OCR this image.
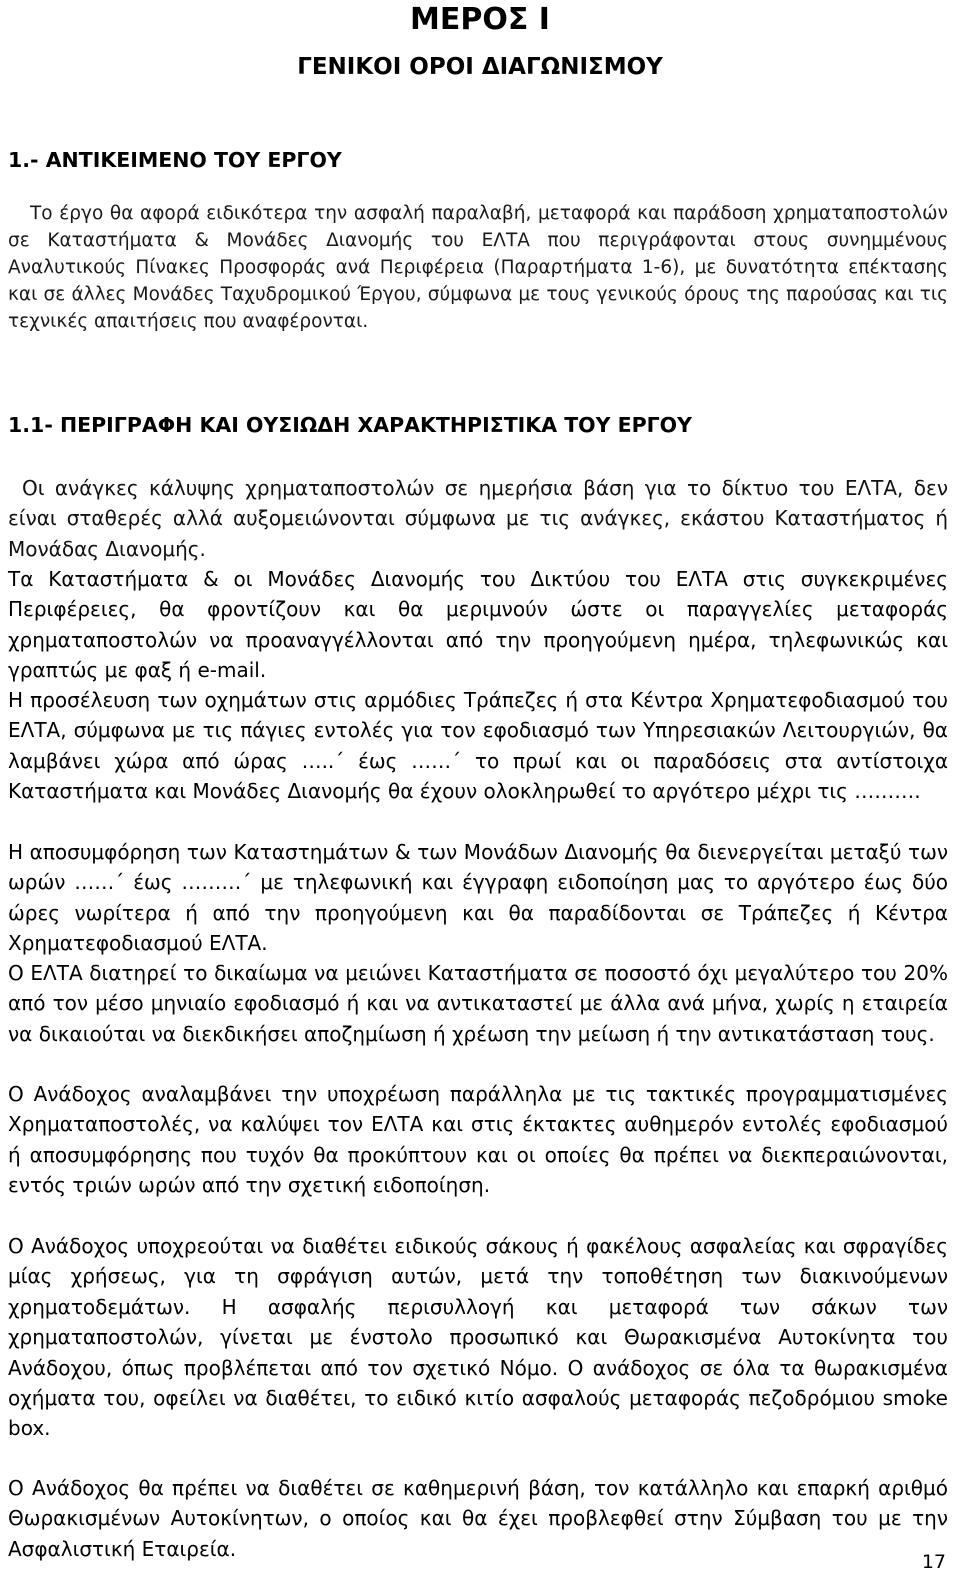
ΜΕΡΟΣ Ι
ΓΕΝΙΚΟΙ ΟΡΟΙ ΔΙΑΓΩΝΙΣΜΟΥ
1.- ΑΝΤΙΚΕΙΜΕΝΟ ΤΟΥ ΕΡΓΟΥ

Το έργο θα αφορά ειδικότερα την ασφαλή παραλαβή, μεταφορά και παράδοση χρηματαποστολών σε Καταστήματα & Μονάδες Διανομής του ΕΛΤΑ που περιγράφονται στους συνημμένους Αναλυτικούς Πίνακες Προσφοράς ανά Περιφέρεια (Παραρτήματα 1-6), με δυνατότητα επέκτασης και σε άλλες Μονάδες Ταχυδρομικού Έργου, σύμφωνα με τους γενικούς όρους της παρούσας και τις τεχνικές απαιτήσεις που αναφέρονται.

1.1- ΠΕΡΙΓΡΑΦΗ ΚΑΙ ΟΥΣΙΩΔΗ ΧΑΡΑΚΤΗΡΙΣΤΙΚΑ ΤΟΥ ΕΡΓΟΥ

Οι ανάγκες κάλυψης χρηματαποστολών σε ημερήσια βάση για το δίκτυο του ΕΛΤΑ, δεν είναι σταθερές αλλά αυξομειώνονται σύμφωνα με τις ανάγκες, εκάστου Καταστήματος ή Μονάδας Διανομής.

Τα Καταστήματα & οι Μονάδες Διανομής του Δικτύου του ΕΛΤΑ στις συγκεκριμένες Περιφέρειες, θα φροντίζουν και θα μεριμνούν ώστε οι παραγγελίες μεταφοράς χρηματαποστολών να προαναγγέλλονται από την προηγούμενη ημέρα, τηλεφωνικώς και γραπτώς με φαξ ή e-mail.

Η προσέλευση των οχημάτων στις αρμόδιες Τράπεζες ή στα Κέντρα Χρηματεφοδιασμού του ΕΛΤΑ, σύμφωνα με τις πάγιες εντολές για τον εφοδιασμό των Υπηρεσιακών Λειτουργιών, θα λαμβάνει χώρα από ώρας …..΄ έως ……΄ το πρωί και οι παραδόσεις στα αντίστοιχα Καταστήματα και Μονάδες Διανομής θα έχουν ολοκληρωθεί το αργότερο μέχρι τις ……….

Η αποσυμφόρηση των Καταστημάτων & των Μονάδων Διανομής θα διενεργείται μεταξύ των ωρών ……΄ έως ………΄ με τηλεφωνική και έγγραφη ειδοποίηση μας το αργότερο έως δύο ώρες νωρίτερα ή από την προηγούμενη και θα παραδίδονται σε Τράπεζες ή Κέντρα Χρηματεφοδιασμού ΕΛΤΑ.

Ο ΕΛΤΑ διατηρεί το δικαίωμα να μειώνει Καταστήματα σε ποσοστό όχι μεγαλύτερο του 20% από τον μέσο μηνιαίο εφοδιασμό ή και να αντικαταστεί με άλλα ανά μήνα, χωρίς η εταιρεία να δικαιούται να διεκδικήσει αποζημίωση ή χρέωση την μείωση ή την αντικατάσταση τους.

Ο Ανάδοχος αναλαμβάνει την υποχρέωση παράλληλα με τις τακτικές προγραμματισμένες Χρηματαποστολές, να καλύψει τον ΕΛΤΑ και στις έκτακτες αυθημερόν εντολές εφοδιασμού ή αποσυμφόρησης που τυχόν θα προκύπτουν και οι οποίες θα πρέπει να διεκπεραιώνονται, εντός τριών ωρών από την σχετική ειδοποίηση.

Ο Ανάδοχος υποχρεούται να διαθέτει ειδικούς σάκους ή φακέλους ασφαλείας και σφραγίδες μίας χρήσεως, για τη σφράγιση αυτών, μετά την τοποθέτηση των διακινούμενων χρηματοδεμάτων. Η ασφαλής περισυλλογή και μεταφορά των σάκων των χρηματαποστολών, γίνεται με ένστολο προσωπικό και Θωρακισμένα Αυτοκίνητα του Ανάδοχου, όπως προβλέπεται από τον σχετικό Νόμο. Ο ανάδοχος σε όλα τα θωρακισμένα οχήματα του, οφείλει να διαθέτει, το ειδικό κιτίο ασφαλούς μεταφοράς πεζοδρόμιου smoke box.

Ο Ανάδοχος θα πρέπει να διαθέτει σε καθημερινή βάση, τον κατάλληλο και επαρκή αριθμό Θωρακισμένων Αυτοκίνητων, ο οποίος και θα έχει προβλεφθεί στην Σύμβαση του με την Ασφαλιστική Εταιρεία.

17
